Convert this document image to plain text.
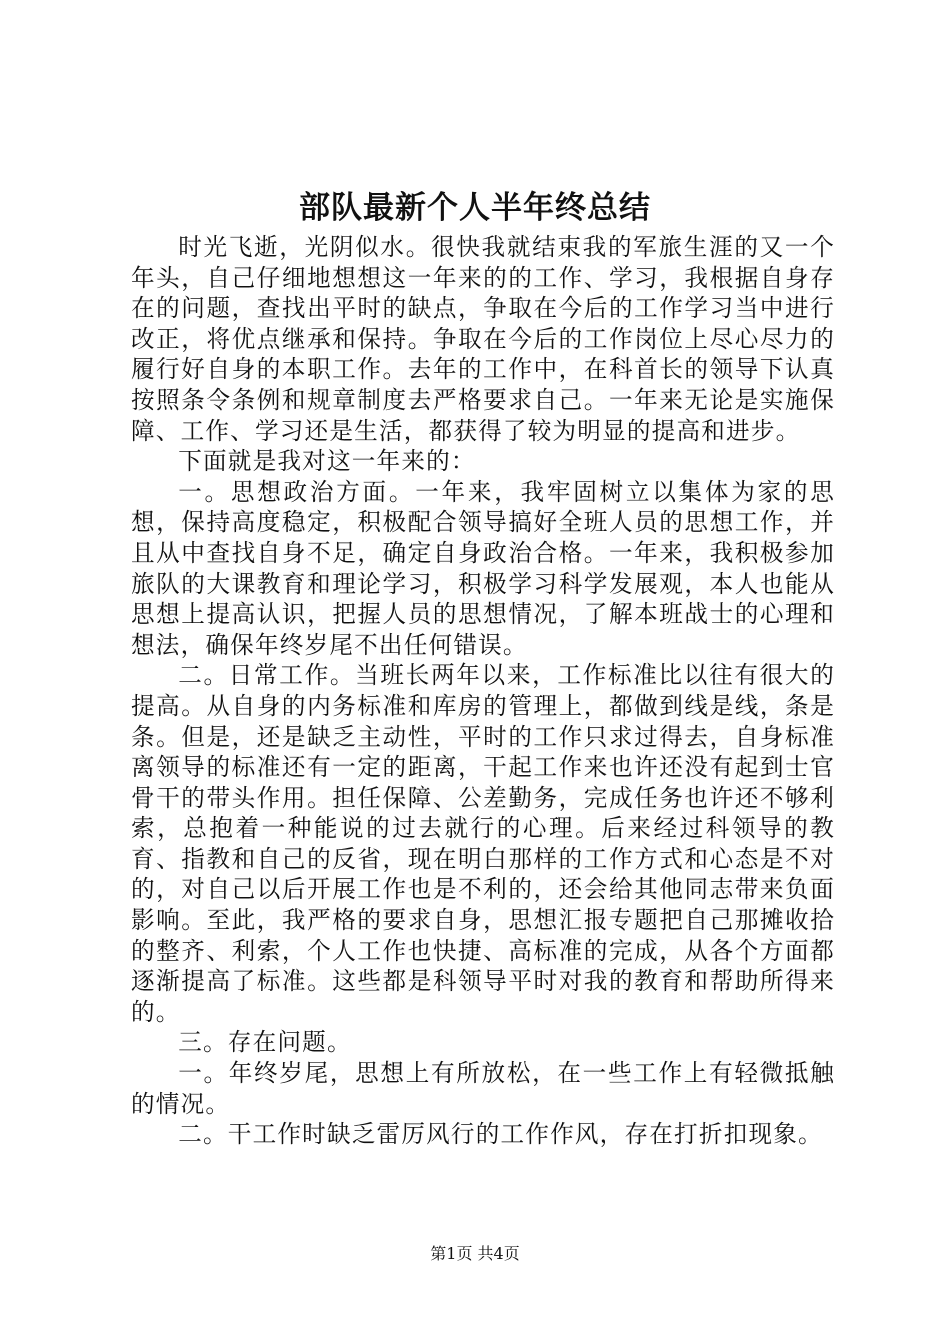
部队最新个人半年终总结

时光飞逝，光阴似水。很快我就结束我的军旅生涯的又一个年头，自己仔细地想想这一年来的的工作、学习，我根据自身存在的问题，查找出平时的缺点，争取在今后的工作学习当中进行改正，将优点继承和保持。争取在今后的工作岗位上尽心尽力的履行好自身的本职工作。去年的工作中，在科首长的领导下认真按照条令条例和规章制度去严格要求自己。一年来无论是实施保障、工作、学习还是生活，都获得了较为明显的提高和进步。

下面就是我对这一年来的：

一。思想政治方面。一年来，我牢固树立以集体为家的思想，保持高度稳定，积极配合领导搞好全班人员的思想工作，并且从中查找自身不足，确定自身政治合格。一年来，我积极参加旅队的大课教育和理论学习，积极学习科学发展观，本人也能从思想上提高认识，把握人员的思想情况，了解本班战士的心理和想法，确保年终岁尾不出任何错误。

二。日常工作。当班长两年以来，工作标准比以往有很大的提高。从自身的内务标准和库房的管理上，都做到线是线，条是条。但是，还是缺乏主动性，平时的工作只求过得去，自身标准离领导的标准还有一定的距离，干起工作来也许还没有起到士官骨干的带头作用。担任保障、公差勤务，完成任务也许还不够利索，总抱着一种能说的过去就行的心理。后来经过科领导的教育、指教和自己的反省，现在明白那样的工作方式和心态是不对的，对自己以后开展工作也是不利的，还会给其他同志带来负面影响。至此，我严格的要求自身，思想汇报专题把自己那摊收拾的整齐、利索，个人工作也快捷、高标准的完成，从各个方面都逐渐提高了标准。这些都是科领导平时对我的教育和帮助所得来的。

三。存在问题。

一。年终岁尾，思想上有所放松，在一些工作上有轻微抵触的情况。

二。干工作时缺乏雷厉风行的工作作风，存在打折扣现象。

第1页 共4页
